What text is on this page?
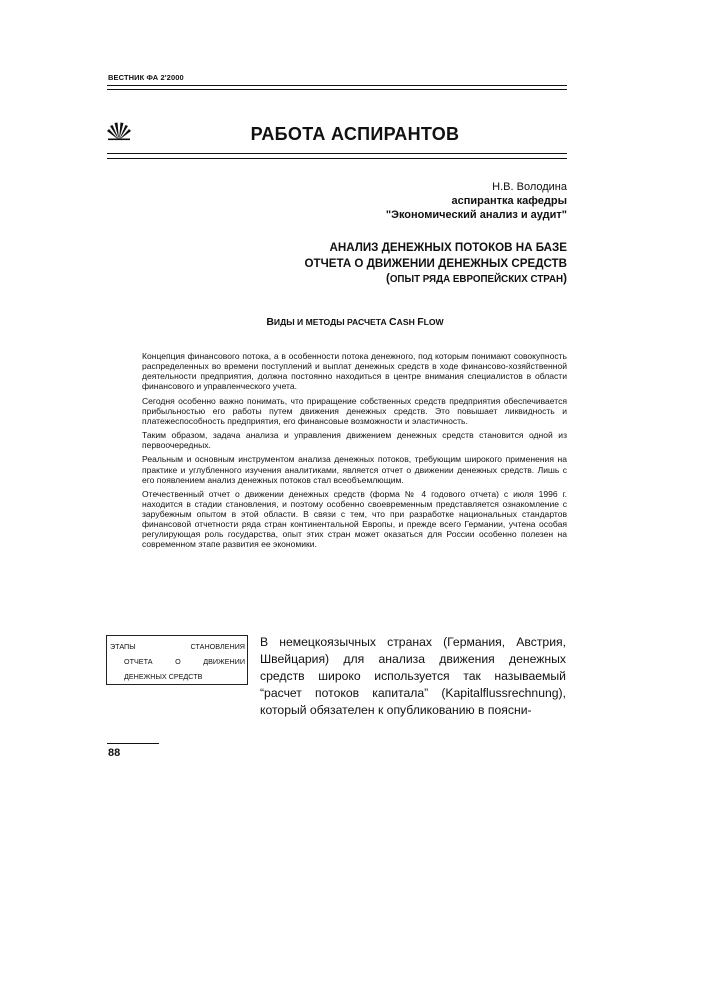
ВЕСТНИК ФА 2'2000
РАБОТА АСПИРАНТОВ
Н.В. Володина
аспирантка кафедры
"Экономический анализ и аудит"
АНАЛИЗ ДЕНЕЖНЫХ ПОТОКОВ НА БАЗЕ
ОТЧЕТА О ДВИЖЕНИИ ДЕНЕЖНЫХ СРЕДСТВ
(ОПЫТ РЯДА ЕВРОПЕЙСКИХ СТРАН)
ВИДЫ И МЕТОДЫ РАСЧЕТА CASH FLOW

Концепция финансового потока, а в особенности потока денежного, под которым понимают совокупность распределенных во времени поступлений и выплат денежных средств в ходе финансово-хозяйственной деятельности предприятия, должна постоянно находиться в центре внимания специалистов в области финансового и управленческого учета.

Сегодня особенно важно понимать, что приращение собственных средств предприятия обеспечивается прибыльностью его работы путем движения денежных средств. Это повышает ликвидность и платежеспособность предприятия, его финансовые возможности и эластичность.

Таким образом, задача анализа и управления движением денежных средств становится одной из первоочередных.

Реальным и основным инструментом анализа денежных потоков, требующим широкого применения на практике и углубленного изучения аналитиками, является отчет о движении денежных средств. Лишь с его появлением анализ денежных потоков стал всеобъемлющим.

Отечественный отчет о движении денежных средств (форма № 4 годового отчета) с июля 1996 г. находится в стадии становления, и поэтому особенно своевременным представляется ознакомление с зарубежным опытом в этой области. В связи с тем, что при разработке национальных стандартов финансовой отчетности ряда стран континентальной Европы, и прежде всего Германии, учтена особая регулирующая роль государства, опыт этих стран может оказаться для России особенно полезен на современном этапе развития ее экономики.

ЭТАПЫ	СТАНОВЛЕНИЯ
ОТЧЕТА	О	ДВИЖЕНИИ
ДЕНЕЖНЫХ СРЕДСТВ
В немецкоязычных странах (Германия, Австрия, Швейцария) для анализа движения денежных средств широко используется так называемый “расчет потоков капитала” (Kapitalflussrechnung), который обязателен к опубликованию в поясни-
88
